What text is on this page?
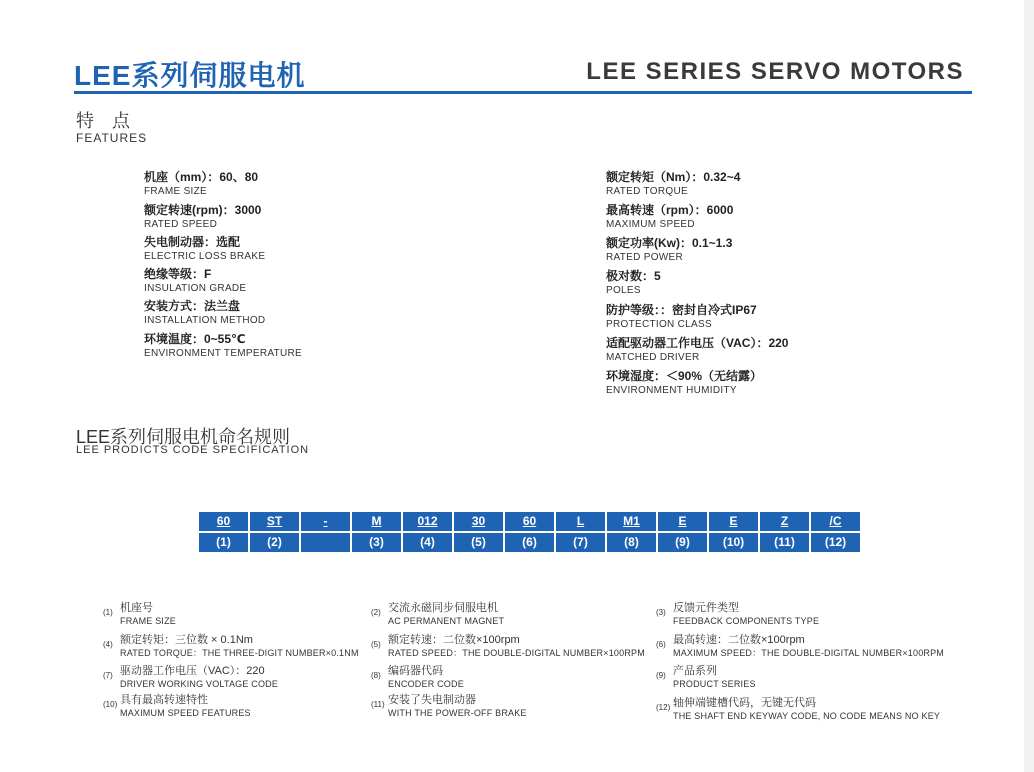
LEE系列伺服电机	LEE SERIES SERVO MOTORS
特　点
FEATURES
机座（mm）：60、80
FRAME SIZE
额定转速(rpm)：3000
RATED SPEED
失电制动器：选配
ELECTRIC LOSS BRAKE
绝缘等级：F
INSULATION GRADE
安装方式：法兰盘
INSTALLATION METHOD
环境温度：0~55℃
ENVIRONMENT TEMPERATURE
额定转矩（Nm）：0.32~4
RATED TORQUE
最高转速（rpm）：6000
MAXIMUM SPEED
额定功率(Kw)：0.1~1.3
RATED POWER
极对数：5
POLES
防护等级：：密封自冷式IP67
PROTECTION CLASS
适配驱动器工作电压（VAC）：220
MATCHED DRIVER
环境湿度：＜90%（无结露）
ENVIRONMENT HUMIDITY
LEE系列伺服电机命名规则
LEE PRODICTS CODE SPECIFICATION
60	ST	-	M	012	30	60	L	M1	E	E	Z	/C
(1)	(2)		(3)	(4)	(5)	(6)	(7)	(8)	(9)	(10)	(11)	(12)
(1) 机座号
FRAME SIZE
(2) 交流永磁同步伺服电机
AC PERMANENT MAGNET
(3) 反馈元件类型
FEEDBACK COMPONENTS TYPE
(4) 额定转矩：三位数 × 0.1Nm
RATED TORQUE：THE THREE-DIGIT NUMBER×0.1NM
(5) 额定转速：二位数×100rpm
RATED SPEED：THE DOUBLE-DIGITAL NUMBER×100RPM
(6) 最高转速：二位数×100rpm
MAXIMUM SPEED：THE DOUBLE-DIGITAL NUMBER×100RPM
(7) 驱动器工作电压（VAC）：220
DRIVER WORKING VOLTAGE CODE
(8) 编码器代码
ENCODER CODE
(9) 产品系列
PRODUCT SERIES
(10) 具有最高转速特性
MAXIMUM SPEED FEATURES
(11) 安装了失电制动器
WITH THE POWER-OFF BRAKE
(12) 轴伸端键槽代码，无键无代码
THE SHAFT END KEYWAY CODE, NO CODE MEANS NO KEY
